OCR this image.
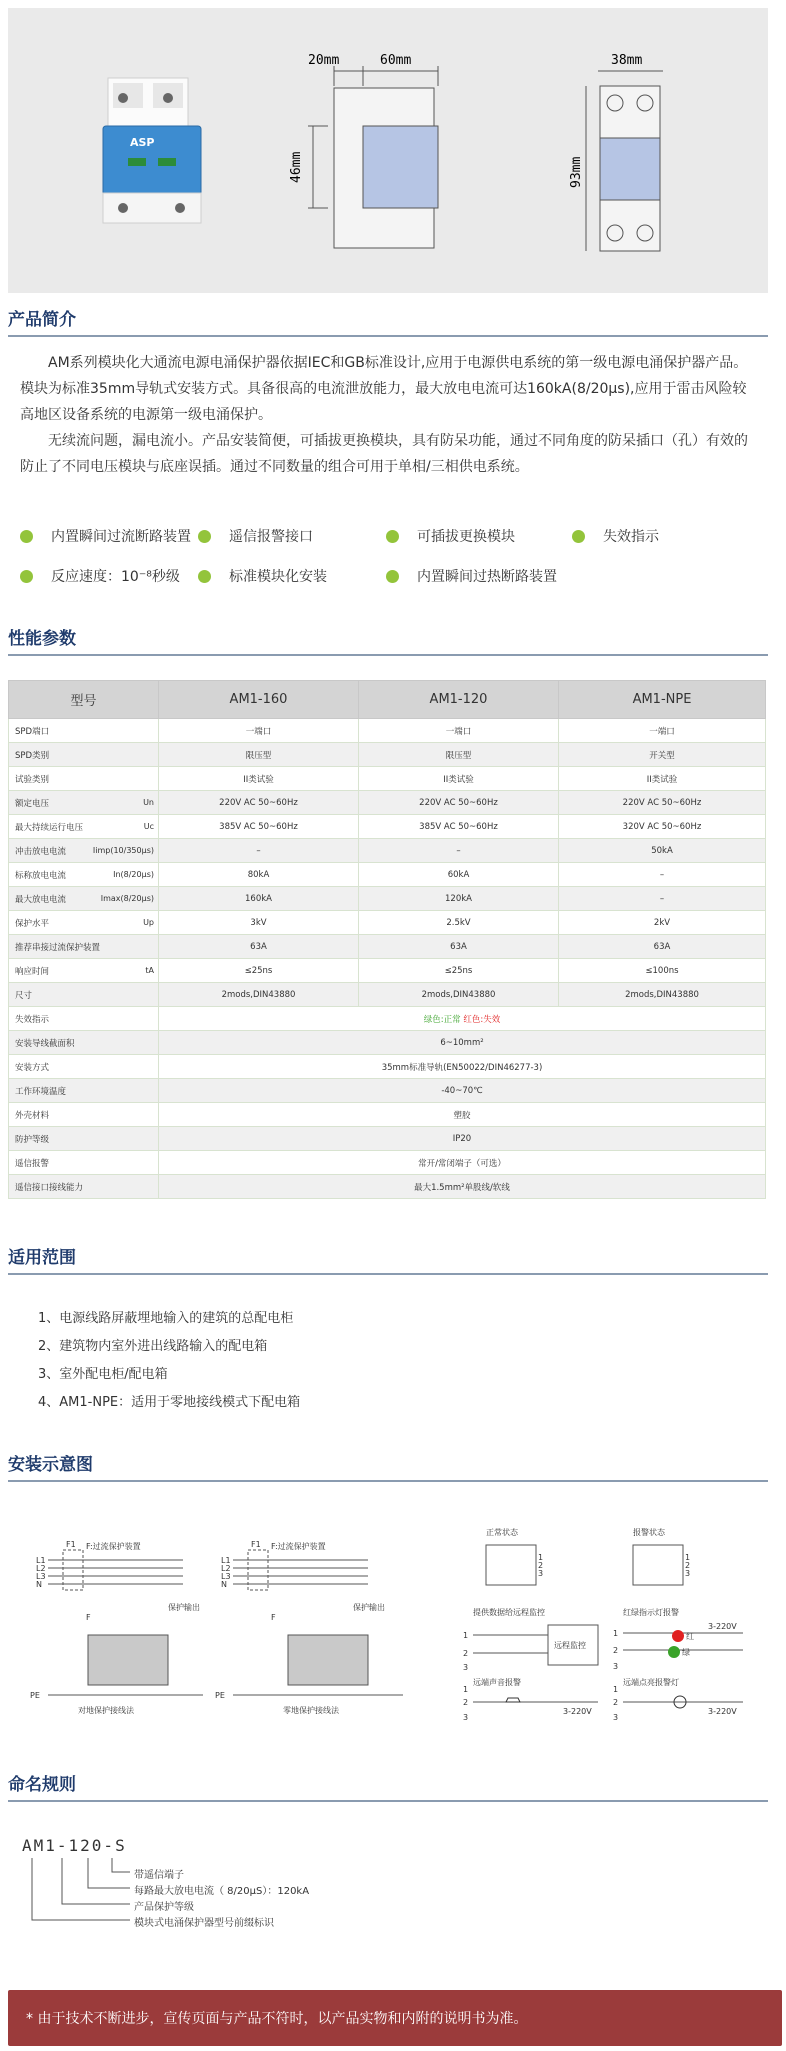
ASP
20mm	60mm
46mm
38mm
93mm
产品简介

AM系列模块化大通流电源电涌保护器依据IEC和GB标准设计,应用于电源供电系统的第一级电源电涌保护器产品。模块为标准35mm导轨式安装方式。具备很高的电流泄放能力，最大放电电流可达160kA(8/20μs),应用于雷击风险较高地区设备系统的电源第一级电涌保护。

无续流问题，漏电流小。产品安装简便，可插拔更换模块，具有防呆功能，通过不同角度的防呆插口（孔）有效的防止了不同电压模块与底座误插。通过不同数量的组合可用于单相/三相供电系统。

内置瞬间过流断路装置	遥信报警接口	可插拔更换模块	失效指示
反应速度：10⁻⁸秒级	标准模块化安装	内置瞬间过热断路装置
性能参数
型号	AM1-160	AM1-120	AM1-NPE
SPD端口	一端口	一端口	一端口
SPD类别	限压型	限压型	开关型
试验类别	II类试验	II类试验	II类试验
额定电压 Un	220V AC 50~60Hz	220V AC 50~60Hz	220V AC 50~60Hz
最大持续运行电压 Uc	385V AC 50~60Hz	385V AC 50~60Hz	320V AC 50~60Hz
冲击放电电流 Iimp(10/350μs)	–	–	50kA
标称放电电流 In(8/20μs)	80kA	60kA	–
最大放电电流 Imax(8/20μs)	160kA	120kA	–
保护水平 Up	3kV	2.5kV	2kV
推荐串接过流保护装置	63A	63A	63A
响应时间 tA	≤25ns	≤25ns	≤100ns
尺寸	2mods,DIN43880	2mods,DIN43880	2mods,DIN43880
失效指示	绿色:正常 红色:失效		
安装导线截面积	6~10mm²		
安装方式	35mm标准导轨(EN50022/DIN46277-3)		
工作环境温度	-40~70℃		
外壳材料	塑胶		
防护等级	IP20		
遥信报警	常开/常闭端子（可选）		
遥信接口接线能力	最大1.5mm²单股线/软线		
适用范围
1、电源线路屏蔽埋地输入的建筑的总配电柜
2、建筑物内室外进出线路输入的配电箱
3、室外配电柜/配电箱
4、AM1-NPE：适用于零地接线模式下配电箱
安装示意图
L1
L2
L3
N
PE
F1 F:过流保护装置
F
保护输出
对地保护接线法
L1
L2
L3
N
PE
F1 F:过流保护装置
F
保护输出
零地保护接线法
正常状态	报警状态
1
2
3
1
2
3
提供数据给远程监控
远程监控
1
2
3
红绿指示灯报警
1
2
3
红
绿
3-220V
远端声音报警
1
2
3
3-220V
远端点亮报警灯
1
2
3
3-220V
命名规则
AM1-120-S
带遥信端子
每路最大放电电流（ 8/20μS）：120kA
产品保护等级
模块式电涌保护器型号前缀标识
* 由于技术不断进步，宣传页面与产品不符时，以产品实物和内附的说明书为准。
